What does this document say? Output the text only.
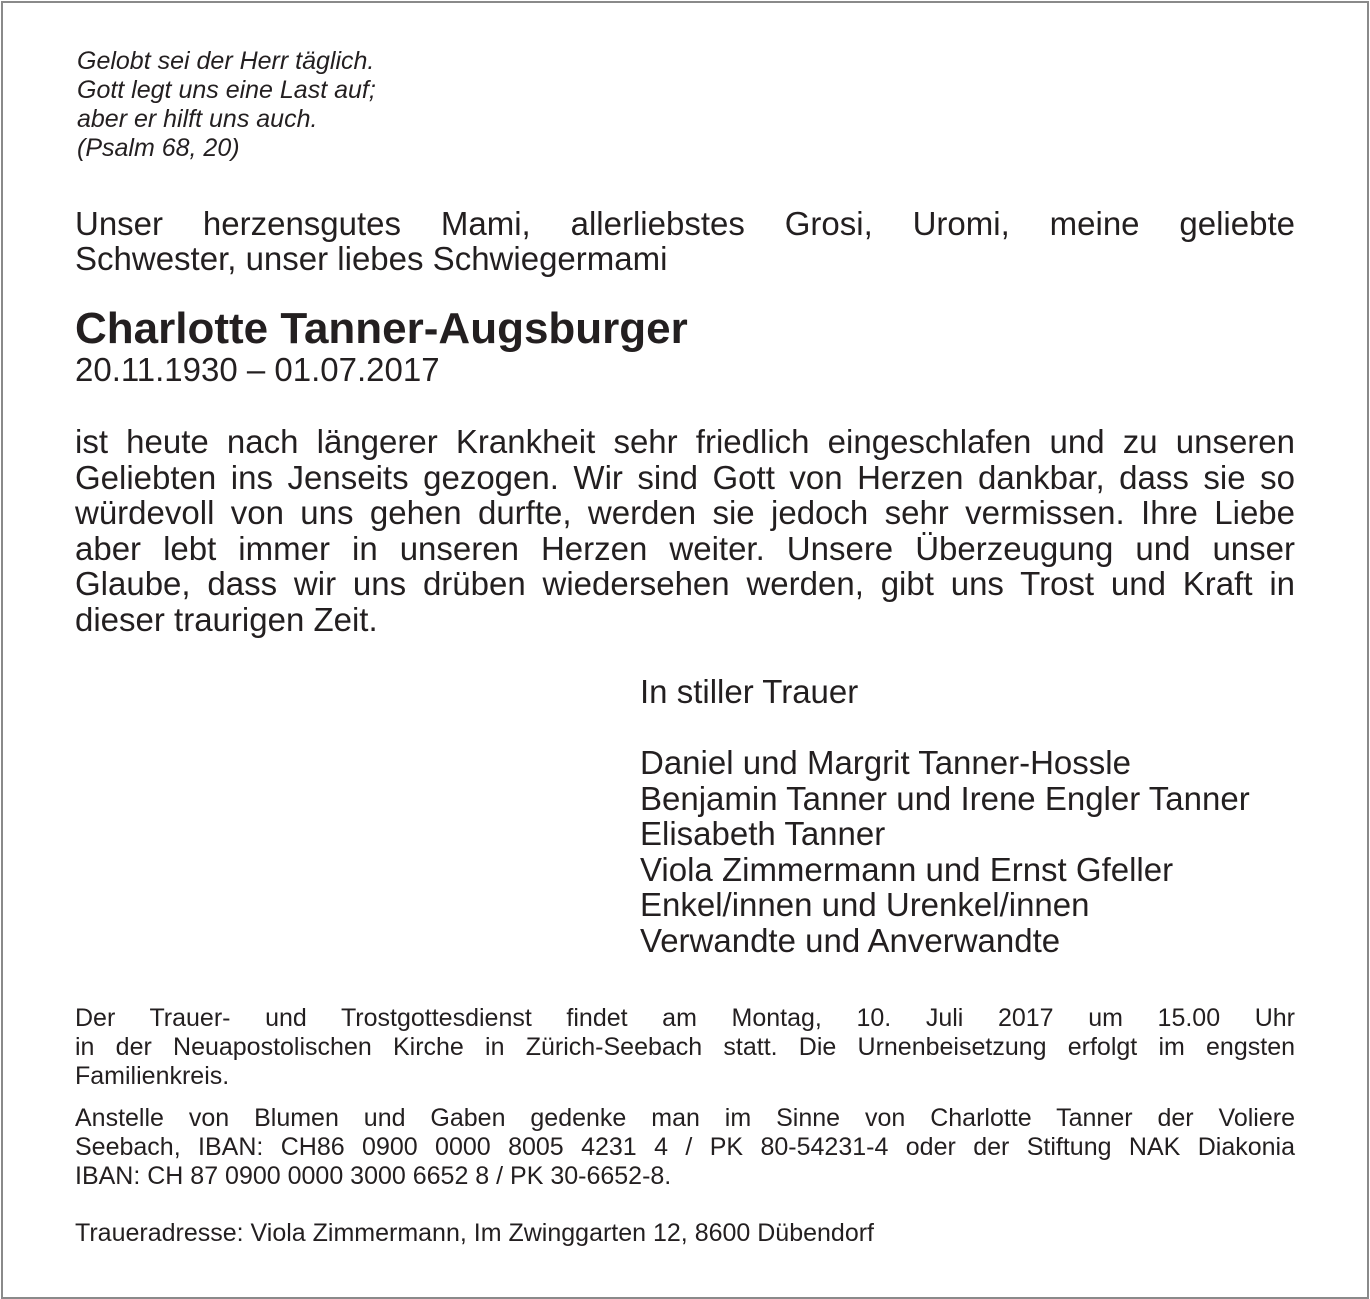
Gelobt sei der Herr täglich.
Gott legt uns eine Last auf;
aber er hilft uns auch.
(Psalm 68, 20)
Unser herzensgutes Mami, allerliebstes Grosi, Uromi, meine geliebte
Schwester, unser liebes Schwiegermami
Charlotte Tanner-Augsburger
20.11.1930 – 01.07.2017
ist heute nach längerer Krankheit sehr friedlich eingeschlafen und zu unseren
Geliebten ins Jenseits gezogen. Wir sind Gott von Herzen dankbar, dass sie so
würdevoll von uns gehen durfte, werden sie jedoch sehr vermissen. Ihre Liebe
aber lebt immer in unseren Herzen weiter. Unsere Überzeugung und unser
Glaube, dass wir uns drüben wiedersehen werden, gibt uns Trost und Kraft in
dieser traurigen Zeit.
In stiller Trauer
Daniel und Margrit Tanner-Hossle
Benjamin Tanner und Irene Engler Tanner
Elisabeth Tanner
Viola Zimmermann und Ernst Gfeller
Enkel/innen und Urenkel/innen
Verwandte und Anverwandte
Der Trauer- und Trostgottesdienst findet am Montag, 10. Juli 2017 um 15.00 Uhr
in der Neuapostolischen Kirche in Zürich-Seebach statt. Die Urnenbeisetzung erfolgt im engsten
Familienkreis.
Anstelle von Blumen und Gaben gedenke man im Sinne von Charlotte Tanner der Voliere
Seebach, IBAN: CH86 0900 0000 8005 4231 4 / PK 80-54231-4 oder der Stiftung NAK Diakonia
IBAN: CH 87 0900 0000 3000 6652 8 / PK 30-6652-8.
Traueradresse: Viola Zimmermann, Im Zwinggarten 12, 8600 Dübendorf
